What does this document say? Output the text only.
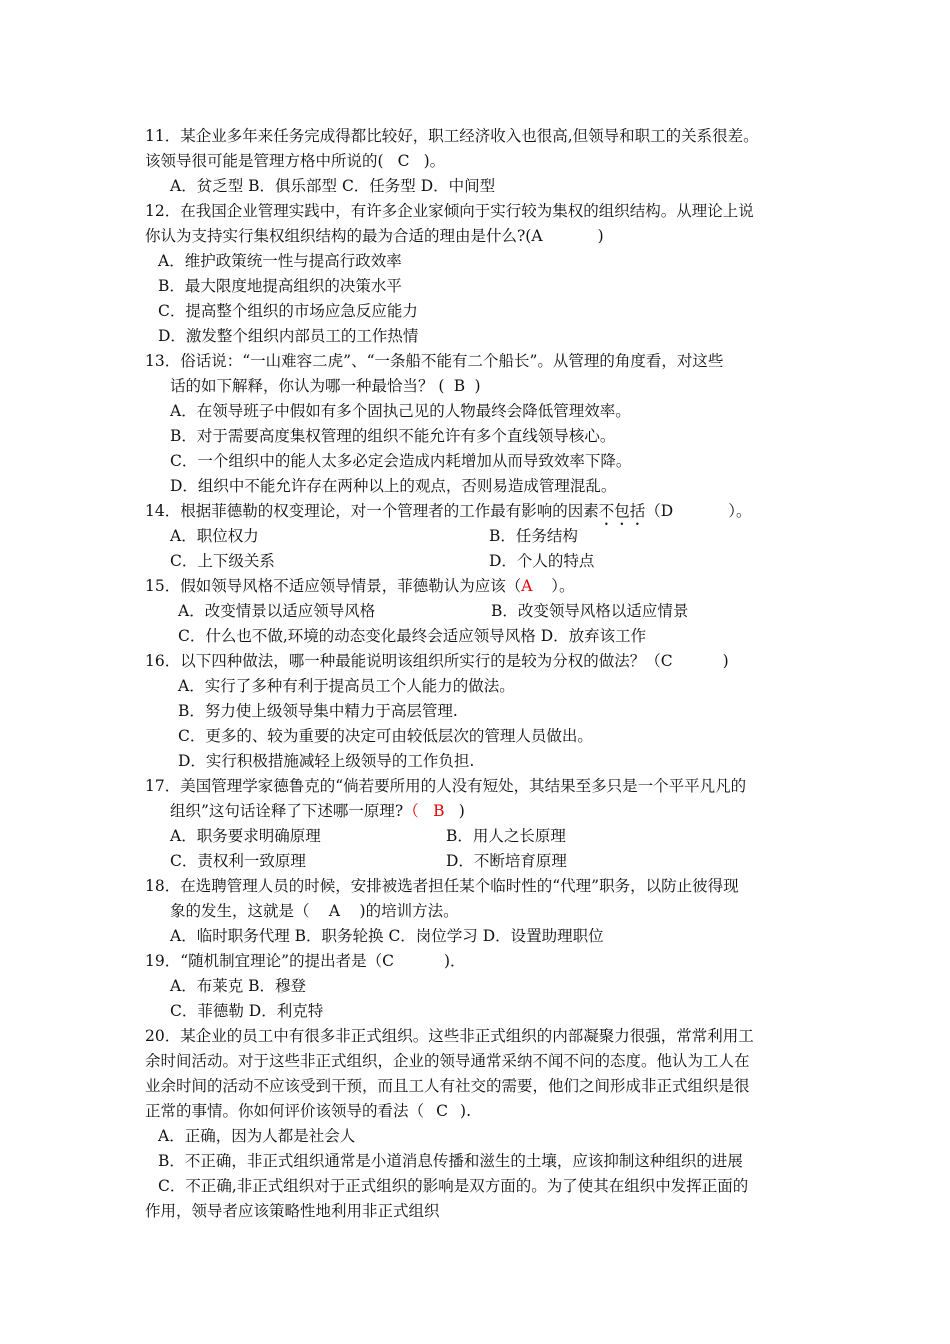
11．某企业多年来任务完成得都比较好，职工经济收入也很高,但领导和职工的关系很差。
该领导很可能是管理方格中所说的( C )。
A．贫乏型 B．俱乐部型 C．任务型 D．中间型
12．在我国企业管理实践中，有许多企业家倾向于实行较为集权的组织结构。从理论上说
你认为支持实行集权组织结构的最为合适的理由是什么?(A	)
A．维护政策统一性与提高行政效率
B．最大限度地提高组织的决策水平
C．提高整个组织的市场应急反应能力
D．激发整个组织内部员工的工作热情
13．俗话说：“一山难容二虎”、“一条船不能有二个船长”。从管理的角度看，对这些
话的如下解释，你认为哪一种最恰当？ ( B )
A．在领导班子中假如有多个固执己见的人物最终会降低管理效率。
B．对于需要高度集权管理的组织不能允许有多个直线领导核心。
C．一个组织中的能人太多必定会造成内耗增加从而导致效率下降。
D．组织中不能允许存在两种以上的观点，否则易造成管理混乱。
14．根据菲德勒的权变理论，对一个管理者的工作最有影响的因素不包括（D	）。
A．职位权力	B．任务结构
C．上下级关系	D．个人的特点
15．假如领导风格不适应领导情景，菲德勒认为应该（A ）。
A．改变情景以适应领导风格	B．改变领导风格以适应情景
C．什么也不做,环境的动态变化最终会适应领导风格 D．放弃该工作
16．以下四种做法，哪一种最能说明该组织所实行的是较为分权的做法？（C	)
A．实行了多种有利于提高员工个人能力的做法。
B．努力使上级领导集中精力于高层管理.
C．更多的、较为重要的决定可由较低层次的管理人员做出。
D．实行积极措施减轻上级领导的工作负担.
17．美国管理学家德鲁克的“倘若要所用的人没有短处，其结果至多只是一个平平凡凡的
组织”这句话诠释了下述哪一原理?（ B )
A．职务要求明确原理	B．用人之长原理
C．责权利一致原理	D．不断培育原理
18．在选聘管理人员的时候，安排被选者担任某个临时性的“代理”职务，以防止彼得现
象的发生，这就是（ A )的培训方法。
A．临时职务代理 B．职务轮换 C．岗位学习 D．设置助理职位
19．“随机制宜理论”的提出者是（C	)．
A．布莱克 B．穆登
C．菲德勒 D．利克特
20．某企业的员工中有很多非正式组织。这些非正式组织的内部凝聚力很强，常常利用工
余时间活动。对于这些非正式组织，企业的领导通常采纳不闻不问的态度。他认为工人在
业余时间的活动不应该受到干预，而且工人有社交的需要，他们之间形成非正式组织是很
正常的事情。你如何评价该领导的看法（ C ).
A．正确，因为人都是社会人
B．不正确，非正式组织通常是小道消息传播和滋生的土壤，应该抑制这种组织的进展
C．不正确,非正式组织对于正式组织的影响是双方面的。为了使其在组织中发挥正面的
作用，领导者应该策略性地利用非正式组织
